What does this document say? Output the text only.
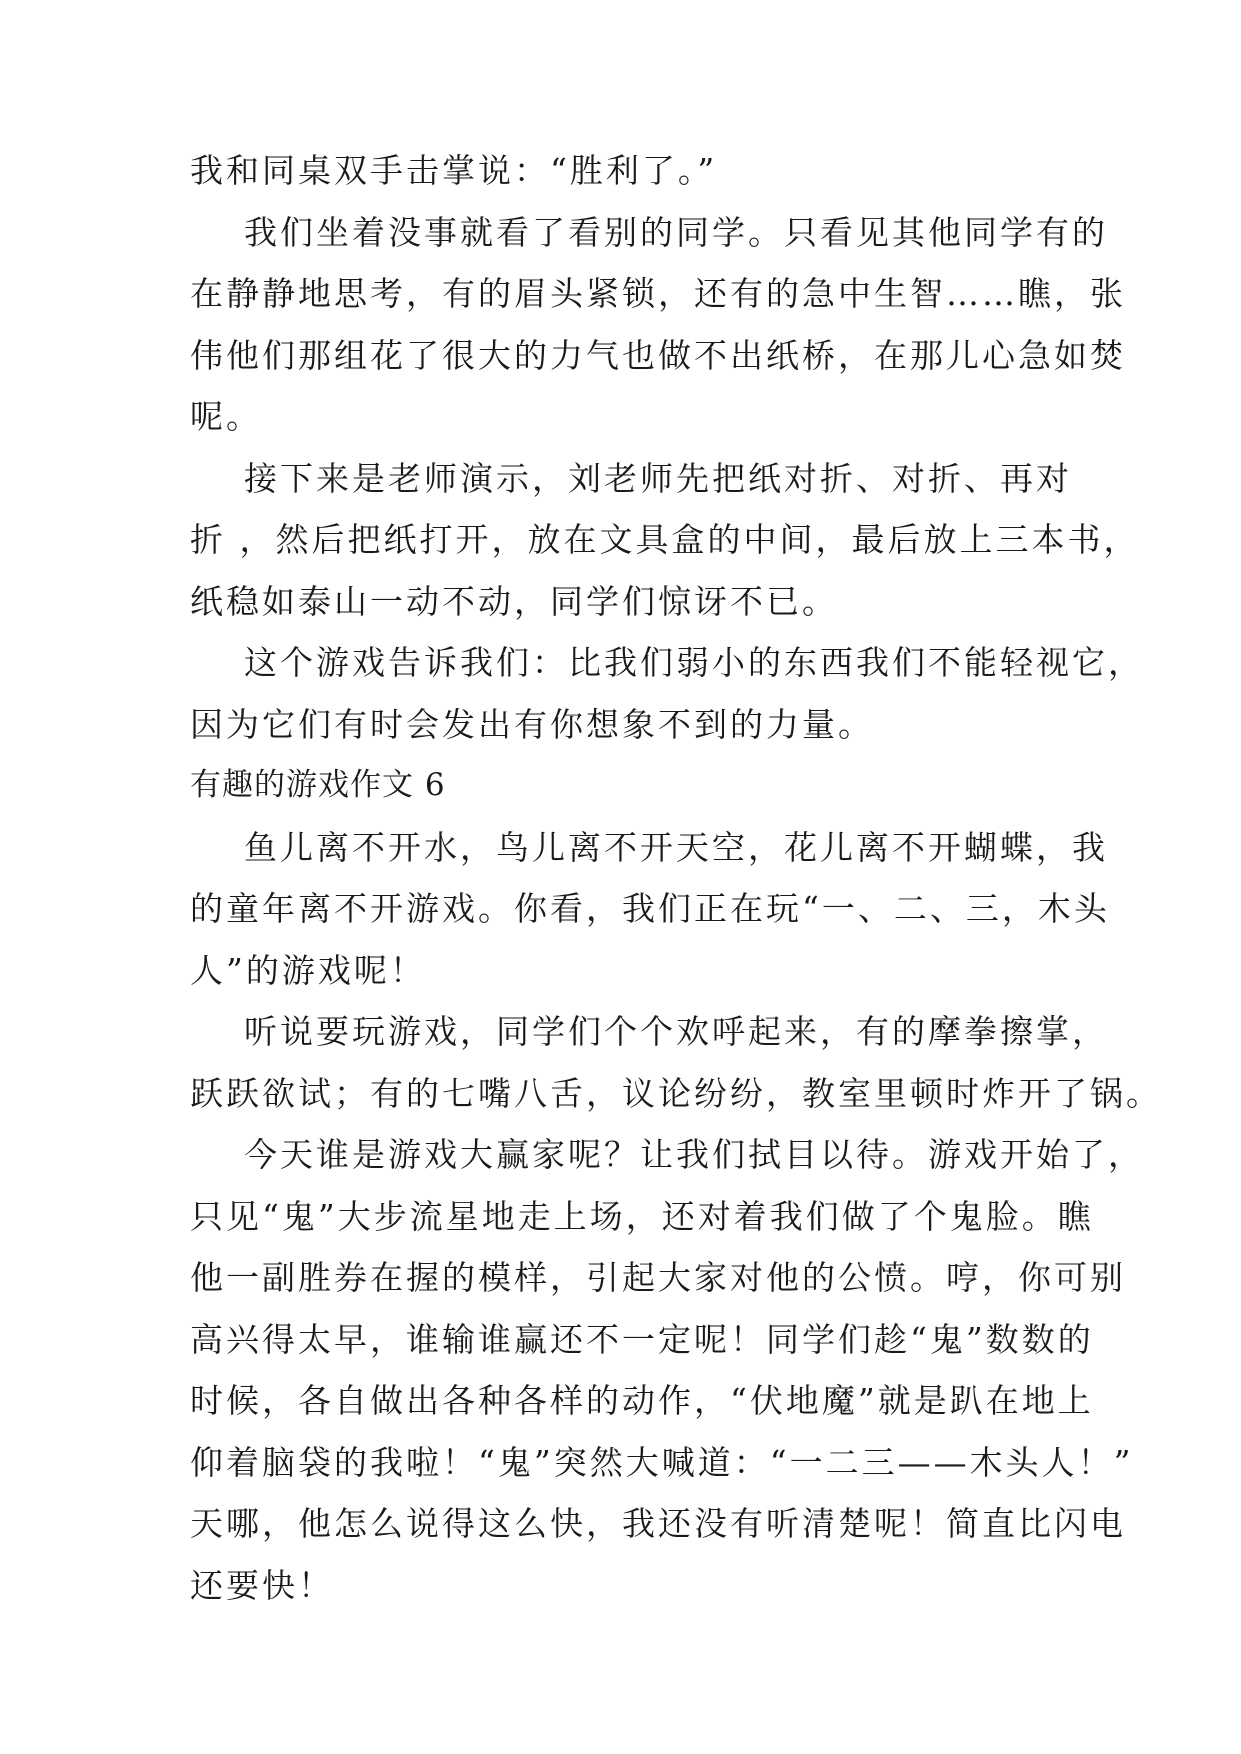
我和同桌双手击掌说：“胜利了。”
我们坐着没事就看了看别的同学。只看见其他同学有的
在静静地思考，有的眉头紧锁，还有的急中生智……瞧，张
伟他们那组花了很大的力气也做不出纸桥，在那儿心急如焚
呢。
接下来是老师演示，刘老师先把纸对折、对折、再对
折 ，然后把纸打开，放在文具盒的中间，最后放上三本书，
纸稳如泰山一动不动，同学们惊讶不已。
这个游戏告诉我们：比我们弱小的东西我们不能轻视它，
因为它们有时会发出有你想象不到的力量。
有趣的游戏作文 6
鱼儿离不开水，鸟儿离不开天空，花儿离不开蝴蝶，我
的童年离不开游戏。你看，我们正在玩“一、二、三，木头
人”的游戏呢！
听说要玩游戏，同学们个个欢呼起来，有的摩拳擦掌，
跃跃欲试；有的七嘴八舌，议论纷纷，教室里顿时炸开了锅。
今天谁是游戏大赢家呢？让我们拭目以待。游戏开始了，
只见“鬼”大步流星地走上场，还对着我们做了个鬼脸。瞧
他一副胜券在握的模样，引起大家对他的公愤。哼，你可别
高兴得太早，谁输谁赢还不一定呢！同学们趁“鬼”数数的
时候，各自做出各种各样的动作，“伏地魔”就是趴在地上
仰着脑袋的我啦！“鬼”突然大喊道：“一二三——木头人！”
天哪，他怎么说得这么快，我还没有听清楚呢！简直比闪电
还要快！
